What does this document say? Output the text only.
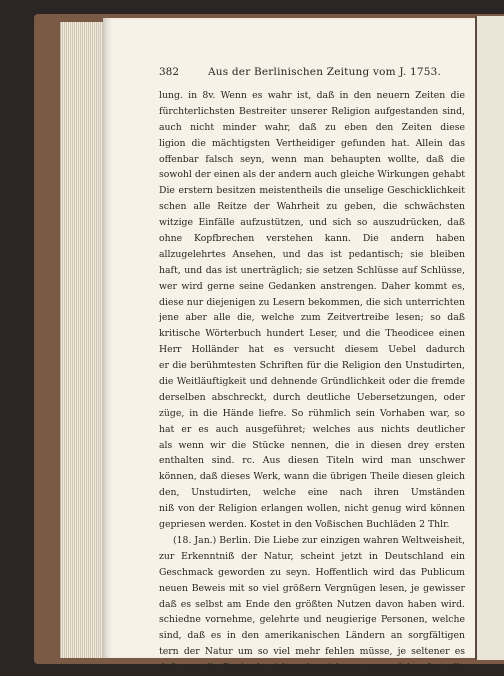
382	Aus der Berlinischen Zeitung vom J. 1753.
lung. in 8v. Wenn es wahr ist, daß in den neuern Zeiten die
fürchterlichsten Bestreiter unserer Religion aufgestanden sind,
auch nicht minder wahr, daß zu eben den Zeiten diese
ligion die mächtigsten Vertheidiger gefunden hat. Allein das
offenbar falsch seyn, wenn man behaupten wollte, daß die
sowohl der einen als der andern auch gleiche Wirkungen gehabt
Die erstern besitzen meistentheils die unselige Geschicklichkeit
schen alle Reitze der Wahrheit zu geben, die schwächsten
witzige Einfälle aufzustützen, und sich so auszudrücken, daß
ohne Kopfbrechen verstehen kann. Die andern haben
allzugelehrtes Ansehen, und das ist pedantisch; sie bleiben
haft, und das ist unerträglich; sie setzen Schlüsse auf Schlüsse,
wer wird gerne seine Gedanken anstrengen. Daher kommt es,
diese nur diejenigen zu Lesern bekommen, die sich unterrichten
jene aber alle die, welche zum Zeitvertreibe lesen; so daß
kritische Wörterbuch hundert Leser, und die Theodicee einen
Herr Holländer hat es versucht diesem Uebel dadurch
er die berühmtesten Schriften für die Religion den Unstudirten,
die Weitläuftigkeit und dehnende Gründlichkeit oder die fremde
derselben abschreckt, durch deutliche Uebersetzungen, oder
züge, in die Hände liefre. So rühmlich sein Vorhaben war, so
hat er es auch ausgeführet; welches aus nichts deutlicher
als wenn wir die Stücke nennen, die in diesen drey ersten
enthalten sind. rc. Aus diesen Titeln wird man unschwer
können, daß dieses Werk, wann die übrigen Theile diesen gleich
den, Unstudirten, welche eine nach ihren Umständen
niß von der Religion erlangen wollen, nicht genug wird können
gepriesen werden. Kostet in den Voßischen Buchläden 2 Thlr.
(18. Jan.) Berlin. Die Liebe zur einzigen wahren Weltweisheit,
zur Erkenntniß der Natur, scheint jetzt in Deutschland ein
Geschmack geworden zu seyn. Hoffentlich wird das Publicum
neuen Beweis mit so viel größern Vergnügen lesen, je gewisser
daß es selbst am Ende den größten Nutzen davon haben wird.
schiedne vornehme, gelehrte und neugierige Personen, welche
sind, daß es in den amerikanischen Ländern an sorgfältigen
tern der Natur um so viel mehr fehlen müsse, je seltener es
daß man die Begierde sich zu bereichern, von welcher fast alle
